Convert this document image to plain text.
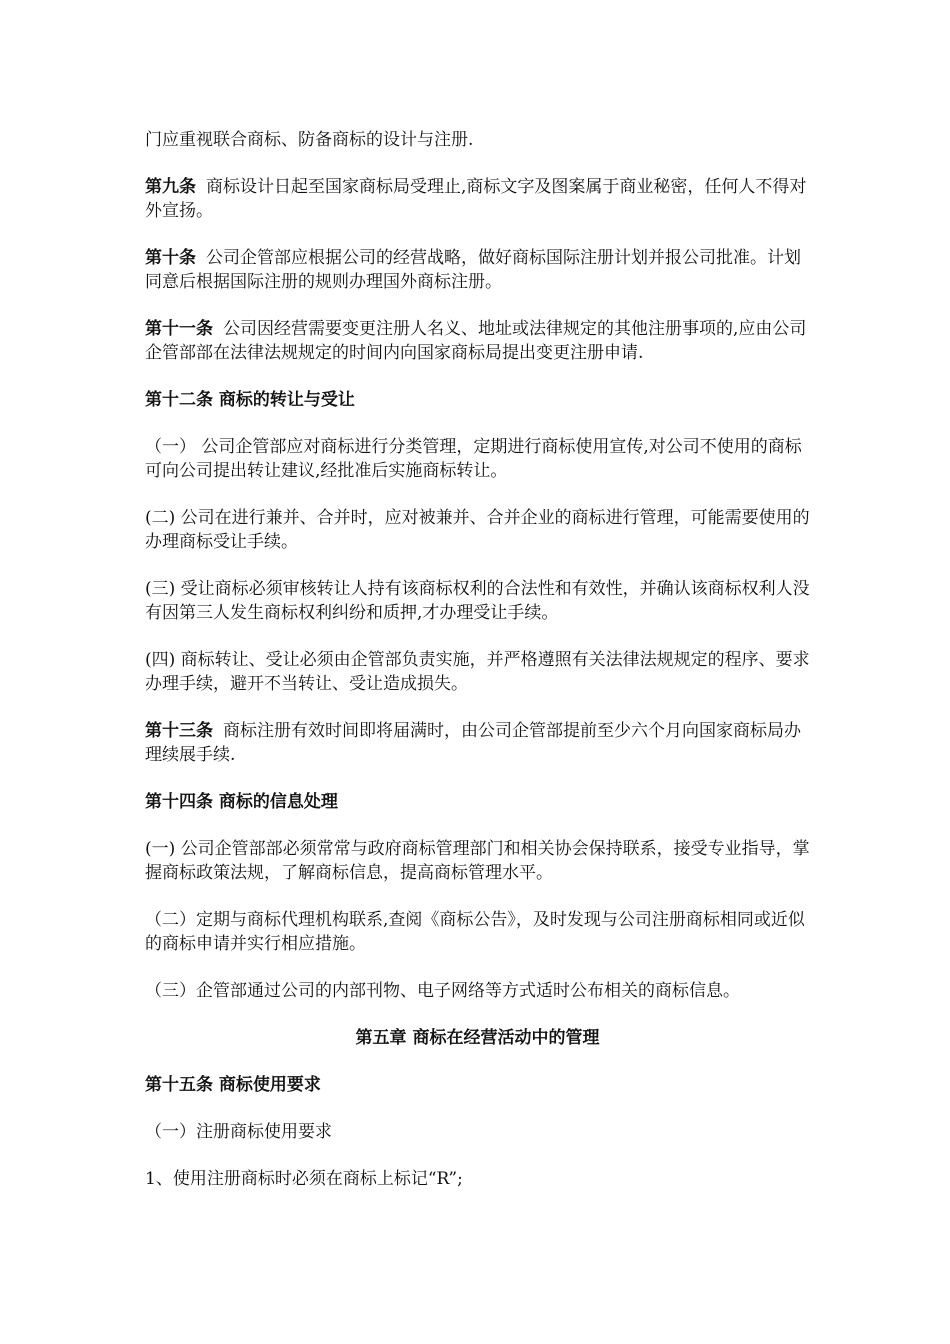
门应重视联合商标、防备商标的设计与注册.

第九条 商标设计日起至国家商标局受理止,商标文字及图案属于商业秘密，任何人不得对外宣扬。

第十条 公司企管部应根据公司的经营战略，做好商标国际注册计划并报公司批准。计划同意后根据国际注册的规则办理国外商标注册。

第十一条 公司因经营需要变更注册人名义、地址或法律规定的其他注册事项的,应由公司企管部部在法律法规规定的时间内向国家商标局提出变更注册申请.

第十二条 商标的转让与受让

（一） 公司企管部应对商标进行分类管理，定期进行商标使用宣传,对公司不使用的商标可向公司提出转让建议,经批准后实施商标转让。

(二) 公司在进行兼并、合并时，应对被兼并、合并企业的商标进行管理，可能需要使用的办理商标受让手续。

(三) 受让商标必须审核转让人持有该商标权利的合法性和有效性，并确认该商标权利人没有因第三人发生商标权利纠纷和质押,才办理受让手续。

(四) 商标转让、受让必须由企管部负责实施，并严格遵照有关法律法规规定的程序、要求办理手续，避开不当转让、受让造成损失。

第十三条 商标注册有效时间即将届满时，由公司企管部提前至少六个月向国家商标局办理续展手续.

第十四条 商标的信息处理

(一) 公司企管部部必须常常与政府商标管理部门和相关协会保持联系，接受专业指导，掌握商标政策法规，了解商标信息，提高商标管理水平。

（二）定期与商标代理机构联系,查阅《商标公告》，及时发现与公司注册商标相同或近似的商标申请并实行相应措施。

（三）企管部通过公司的内部刊物、电子网络等方式适时公布相关的商标信息。

第五章 商标在经营活动中的管理

第十五条 商标使用要求

（一）注册商标使用要求

1、使用注册商标时必须在商标上标记“R”;
